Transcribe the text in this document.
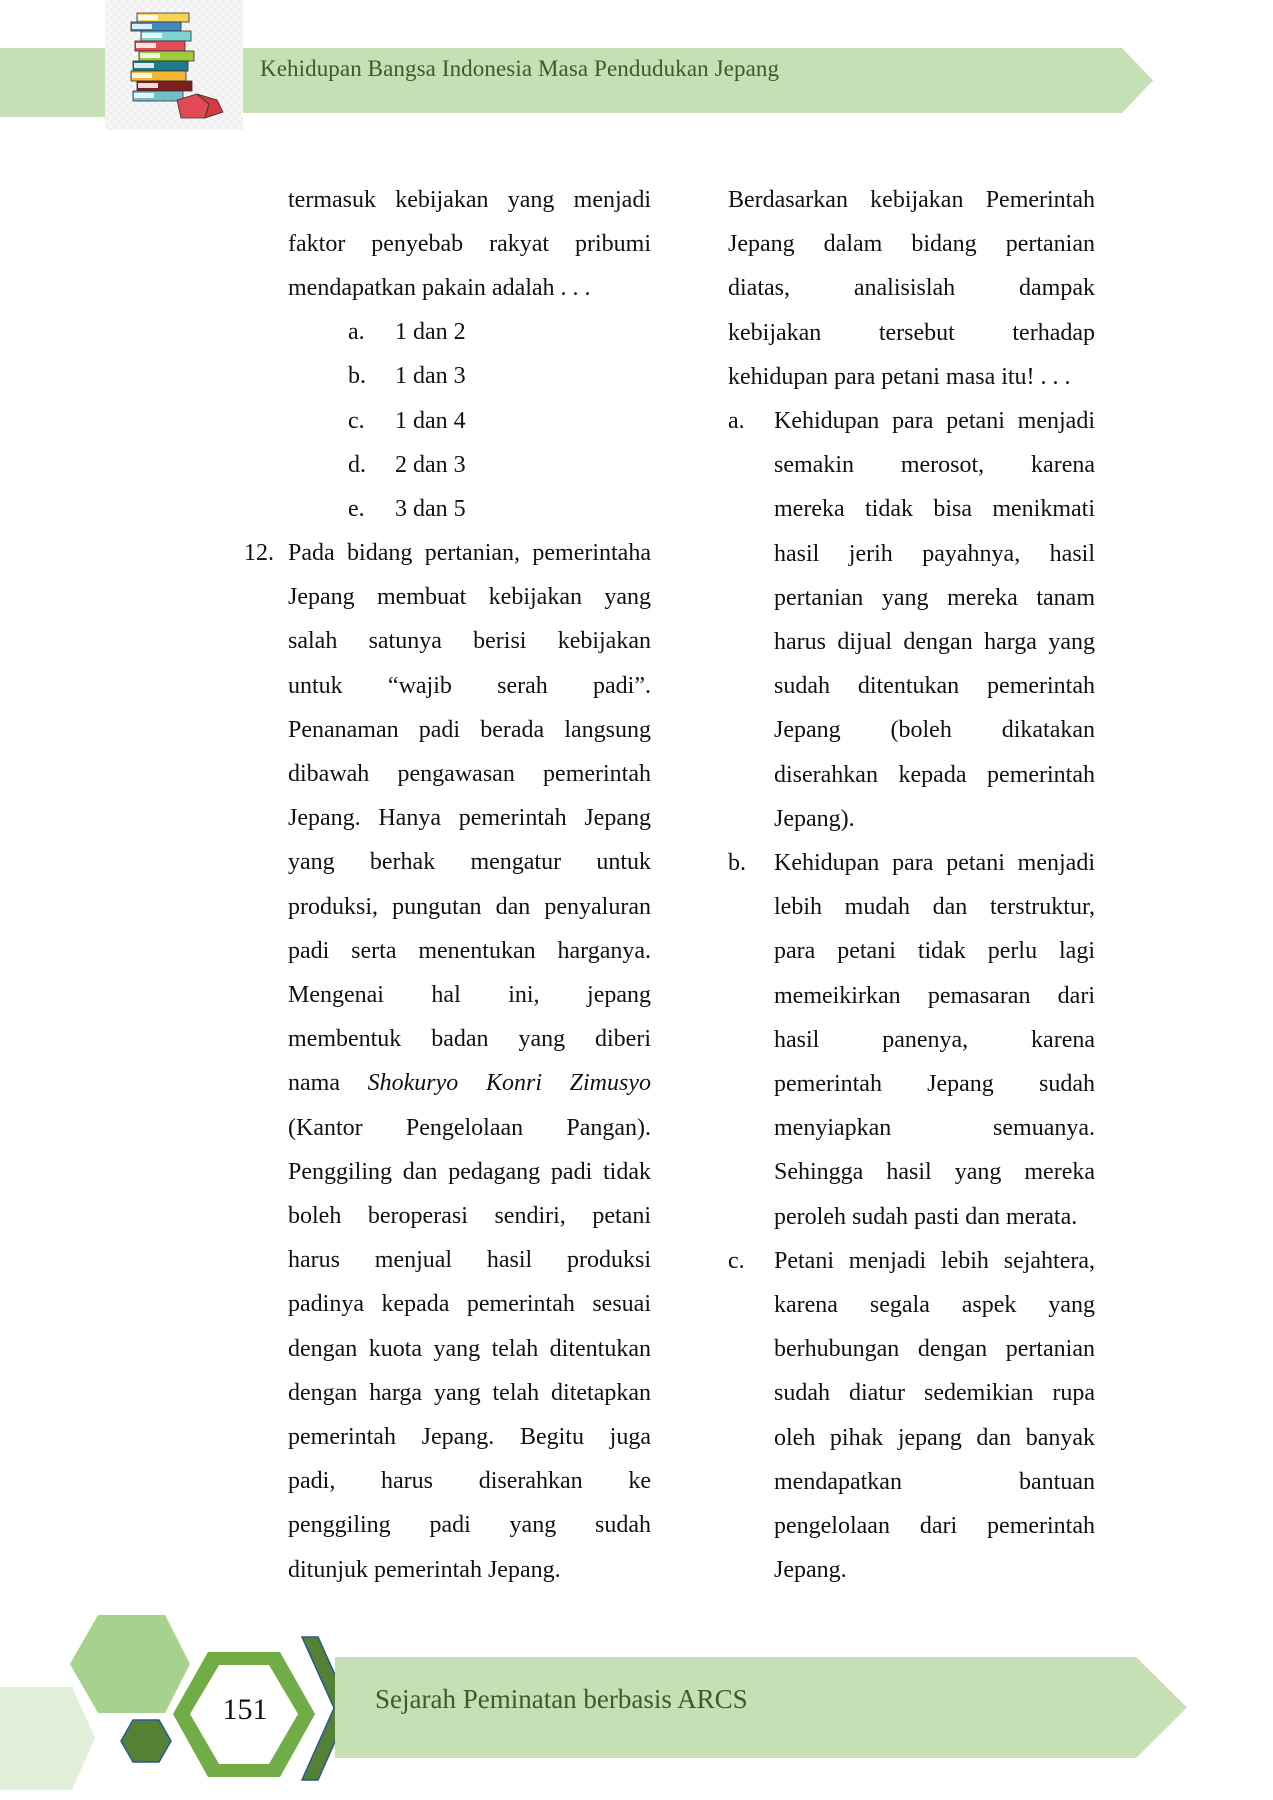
Kehidupan Bangsa Indonesia Masa Pendudukan Jepang
termasuk kebijakan yang menjadi
faktor penyebab rakyat pribumi
mendapatkan pakain adalah . . .
a. 1 dan 2
b. 1 dan 3
c. 1 dan 4
d. 2 dan 3
e. 3 dan 5
12. Pada bidang pertanian, pemerintaha
Jepang membuat kebijakan yang
salah satunya berisi kebijakan
untuk “wajib serah padi”.
Penanaman padi berada langsung
dibawah pengawasan pemerintah
Jepang. Hanya pemerintah Jepang
yang berhak mengatur untuk
produksi, pungutan dan penyaluran
padi serta menentukan harganya.
Mengenai hal ini, jepang
membentuk badan yang diberi
nama Shokuryo Konri Zimusyo
(Kantor Pengelolaan Pangan).
Penggiling dan pedagang padi tidak
boleh beroperasi sendiri, petani
harus menjual hasil produksi
padinya kepada pemerintah sesuai
dengan kuota yang telah ditentukan
dengan harga yang telah ditetapkan
pemerintah Jepang. Begitu juga
padi, harus diserahkan ke
penggiling padi yang sudah
ditunjuk pemerintah Jepang.
Berdasarkan kebijakan Pemerintah
Jepang dalam bidang pertanian
diatas, analisislah dampak
kebijakan tersebut terhadap
kehidupan para petani masa itu! . . .
a. Kehidupan para petani menjadi
semakin merosot, karena
mereka tidak bisa menikmati
hasil jerih payahnya, hasil
pertanian yang mereka tanam
harus dijual dengan harga yang
sudah ditentukan pemerintah
Jepang (boleh dikatakan
diserahkan kepada pemerintah
Jepang).
b. Kehidupan para petani menjadi
lebih mudah dan terstruktur,
para petani tidak perlu lagi
memeikirkan pemasaran dari
hasil panenya, karena
pemerintah Jepang sudah
menyiapkan semuanya.
Sehingga hasil yang mereka
peroleh sudah pasti dan merata.
c. Petani menjadi lebih sejahtera,
karena segala aspek yang
berhubungan dengan pertanian
sudah diatur sedemikian rupa
oleh pihak jepang dan banyak
mendapatkan bantuan
pengelolaan dari pemerintah
Jepang.
151	Sejarah Peminatan berbasis ARCS
